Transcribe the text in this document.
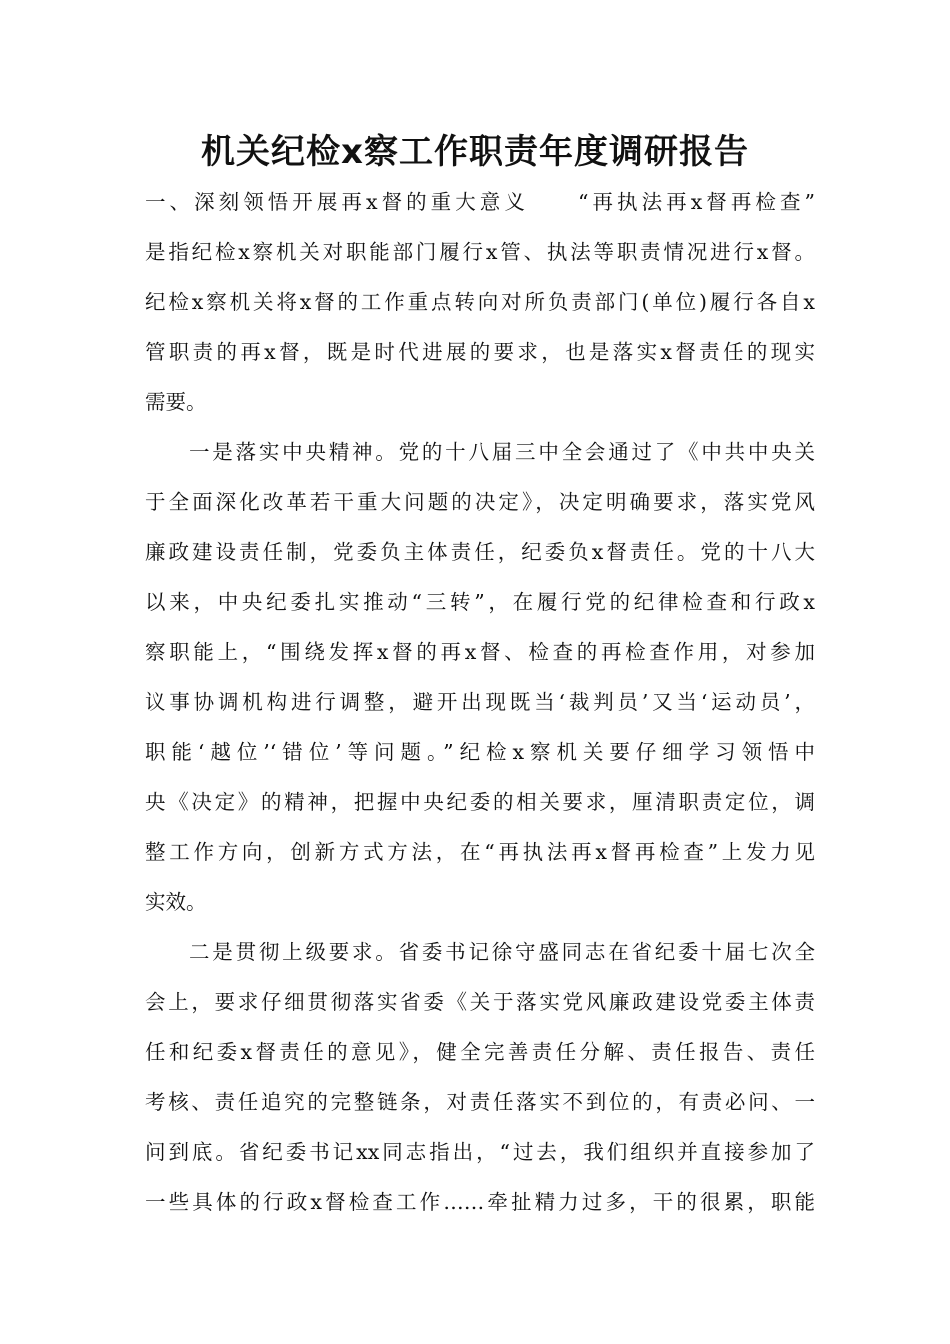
机关纪检x察工作职责年度调研报告
一、深刻领悟开展再x督的重大意义　　“再执法再x督再检查”
是指纪检x察机关对职能部门履行x管、执法等职责情况进行x督。
纪检x察机关将x督的工作重点转向对所负责部门(单位)履行各自x
管职责的再x督，既是时代进展的要求，也是落实x督责任的现实
需要。
一是落实中央精神。党的十八届三中全会通过了《中共中央关
于全面深化改革若干重大问题的决定》，决定明确要求，落实党风
廉政建设责任制，党委负主体责任，纪委负x督责任。党的十八大
以来，中央纪委扎实推动“三转”，在履行党的纪律检查和行政x
察职能上，“围绕发挥x督的再x督、检查的再检查作用，对参加
议事协调机构进行调整，避开出现既当‘裁判员’又当‘运动员’，
职能‘越位’‘错位’等问题。”纪检x察机关要仔细学习领悟中
央《决定》的精神，把握中央纪委的相关要求，厘清职责定位，调
整工作方向，创新方式方法，在“再执法再x督再检查”上发力见
实效。
二是贯彻上级要求。省委书记徐守盛同志在省纪委十届七次全
会上，要求仔细贯彻落实省委《关于落实党风廉政建设党委主体责
任和纪委x督责任的意见》，健全完善责任分解、责任报告、责任
考核、责任追究的完整链条，对责任落实不到位的，有责必问、一
问到底。省纪委书记xx同志指出，“过去，我们组织并直接参加了
一些具体的行政x督检查工作……牵扯精力过多，干的很累，职能
